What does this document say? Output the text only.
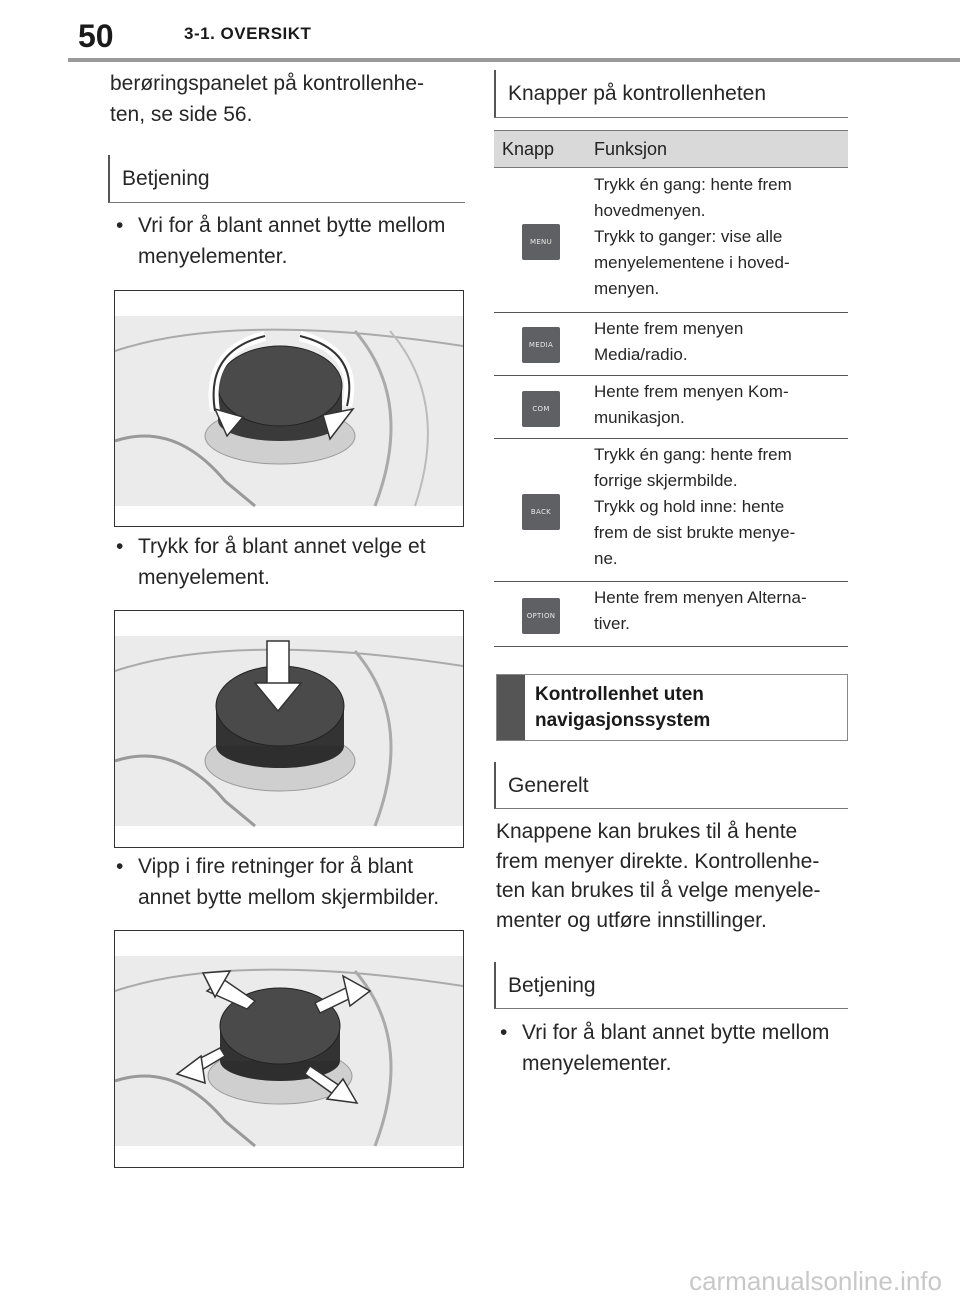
50	3-1. OVERSIKT
berøringspanelet på kontrollenhe-
ten, se side 56.
Betjening
• Vri for å blant annet bytte mellom
menyelementer.
• Trykk for å blant annet velge et
menyelement.
• Vipp i fire retninger for å blant
annet bytte mellom skjermbilder.
Knapper på kontrollenheten
Knapp Funksjon
MENU
Trykk én gang: hente frem
hovedmenyen.
Trykk to ganger: vise alle
menyelementene i hoved-
menyen.
MEDIA
Hente frem menyen
Media/radio.
COM
Hente frem menyen Kom-
munikasjon.
BACK
Trykk én gang: hente frem
forrige skjermbilde.
Trykk og hold inne: hente
frem de sist brukte menye-
ne.
OPTION
Hente frem menyen Alterna-
tiver.
Kontrollenhet uten
navigasjonssystem
Generelt
Knappene kan brukes til å hente
frem menyer direkte. Kontrollenhe-
ten kan brukes til å velge menyele-
menter og utføre innstillinger.
Betjening
• Vri for å blant annet bytte mellom
menyelementer.
carmanualsonline.info
